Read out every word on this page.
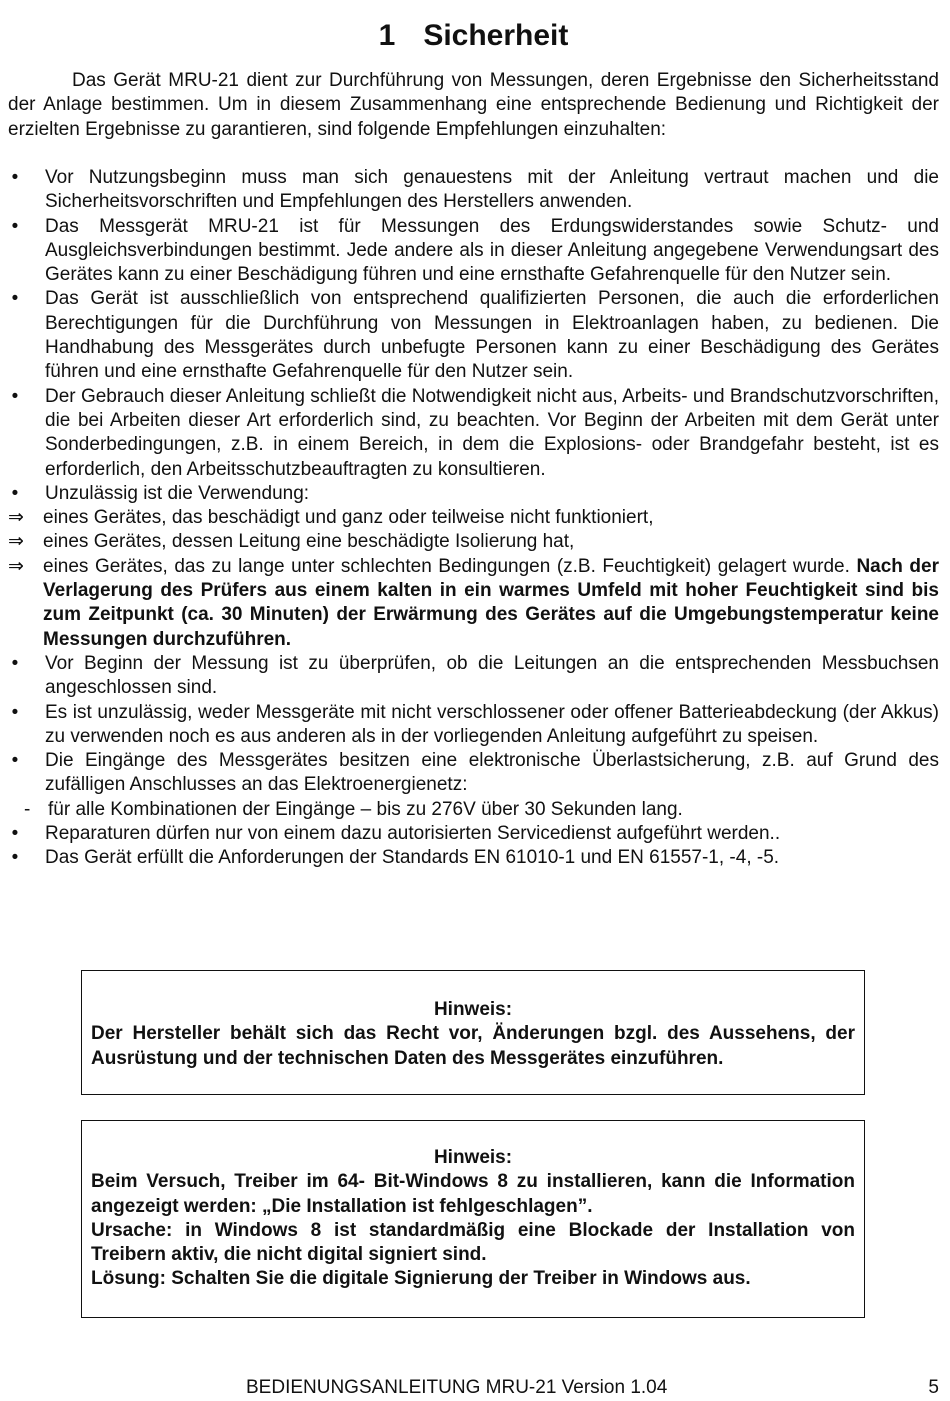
1 Sicherheit
Das Gerät MRU-21 dient zur Durchführung von Messungen, deren Ergebnisse den Sicherheitsstand der Anlage bestimmen. Um in diesem Zusammenhang eine entsprechende Bedienung und Richtigkeit der erzielten Ergebnisse zu garantieren, sind folgende Empfehlungen einzuhalten:
• Vor Nutzungsbeginn muss man sich genauestens mit der Anleitung vertraut machen und die Sicherheitsvorschriften und Empfehlungen des Herstellers anwenden.
• Das Messgerät MRU-21 ist für Messungen des Erdungswiderstandes sowie Schutz- und Ausgleichsverbindungen bestimmt. Jede andere als in dieser Anleitung angegebene Verwendungsart des Gerätes kann zu einer Beschädigung führen und eine ernsthafte Gefahrenquelle für den Nutzer sein.
• Das Gerät ist ausschließlich von entsprechend qualifizierten Personen, die auch die erforderlichen Berechtigungen für die Durchführung von Messungen in Elektroanlagen haben, zu bedienen. Die Handhabung des Messgerätes durch unbefugte Personen kann zu einer Beschädigung des Gerätes führen und eine ernsthafte Gefahrenquelle für den Nutzer sein.
• Der Gebrauch dieser Anleitung schließt die Notwendigkeit nicht aus, Arbeits- und Brandschutzvorschriften, die bei Arbeiten dieser Art erforderlich sind, zu beachten. Vor Beginn der Arbeiten mit dem Gerät unter Sonderbedingungen, z.B. in einem Bereich, in dem die Explosions- oder Brandgefahr besteht, ist es erforderlich, den Arbeitsschutzbeauftragten zu konsultieren.
• Unzulässig ist die Verwendung:
⇒ eines Gerätes, das beschädigt und ganz oder teilweise nicht funktioniert,
⇒ eines Gerätes, dessen Leitung eine beschädigte Isolierung hat,
⇒ eines Gerätes, das zu lange unter schlechten Bedingungen (z.B. Feuchtigkeit) gelagert wurde. Nach der Verlagerung des Prüfers aus einem kalten in ein warmes Umfeld mit hoher Feuchtigkeit sind bis zum Zeitpunkt (ca. 30 Minuten) der Erwärmung des Gerätes auf die Umgebungstemperatur keine Messungen durchzuführen.
• Vor Beginn der Messung ist zu überprüfen, ob die Leitungen an die entsprechenden Messbuchsen angeschlossen sind.
• Es ist unzulässig, weder Messgeräte mit nicht verschlossener oder offener Batterieabdeckung (der Akkus) zu verwenden noch es aus anderen als in der vorliegenden Anleitung aufgeführt zu speisen.
• Die Eingänge des Messgerätes besitzen eine elektronische Überlastsicherung, z.B. auf Grund des zufälligen Anschlusses an das Elektroenergienetz:
- für alle Kombinationen der Eingänge – bis zu 276V über 30 Sekunden lang.
• Reparaturen dürfen nur von einem dazu autorisierten Servicedienst aufgeführt werden..
• Das Gerät erfüllt die Anforderungen der Standards EN 61010-1 und EN 61557-1, -4, -5.
Hinweis:
Der Hersteller behält sich das Recht vor, Änderungen bzgl. des Aussehens, der Ausrüstung und der technischen Daten des Messgerätes einzuführen.
Hinweis:
Beim Versuch, Treiber im 64- Bit-Windows 8 zu installieren, kann die Information angezeigt werden: „Die Installation ist fehlgeschlagen”.
Ursache: in Windows 8 ist standardmäßig eine Blockade der Installation von Treibern aktiv, die nicht digital signiert sind.
Lösung: Schalten Sie die digitale Signierung der Treiber in Windows aus.
BEDIENUNGSANLEITUNG MRU-21 Version 1.04	5
